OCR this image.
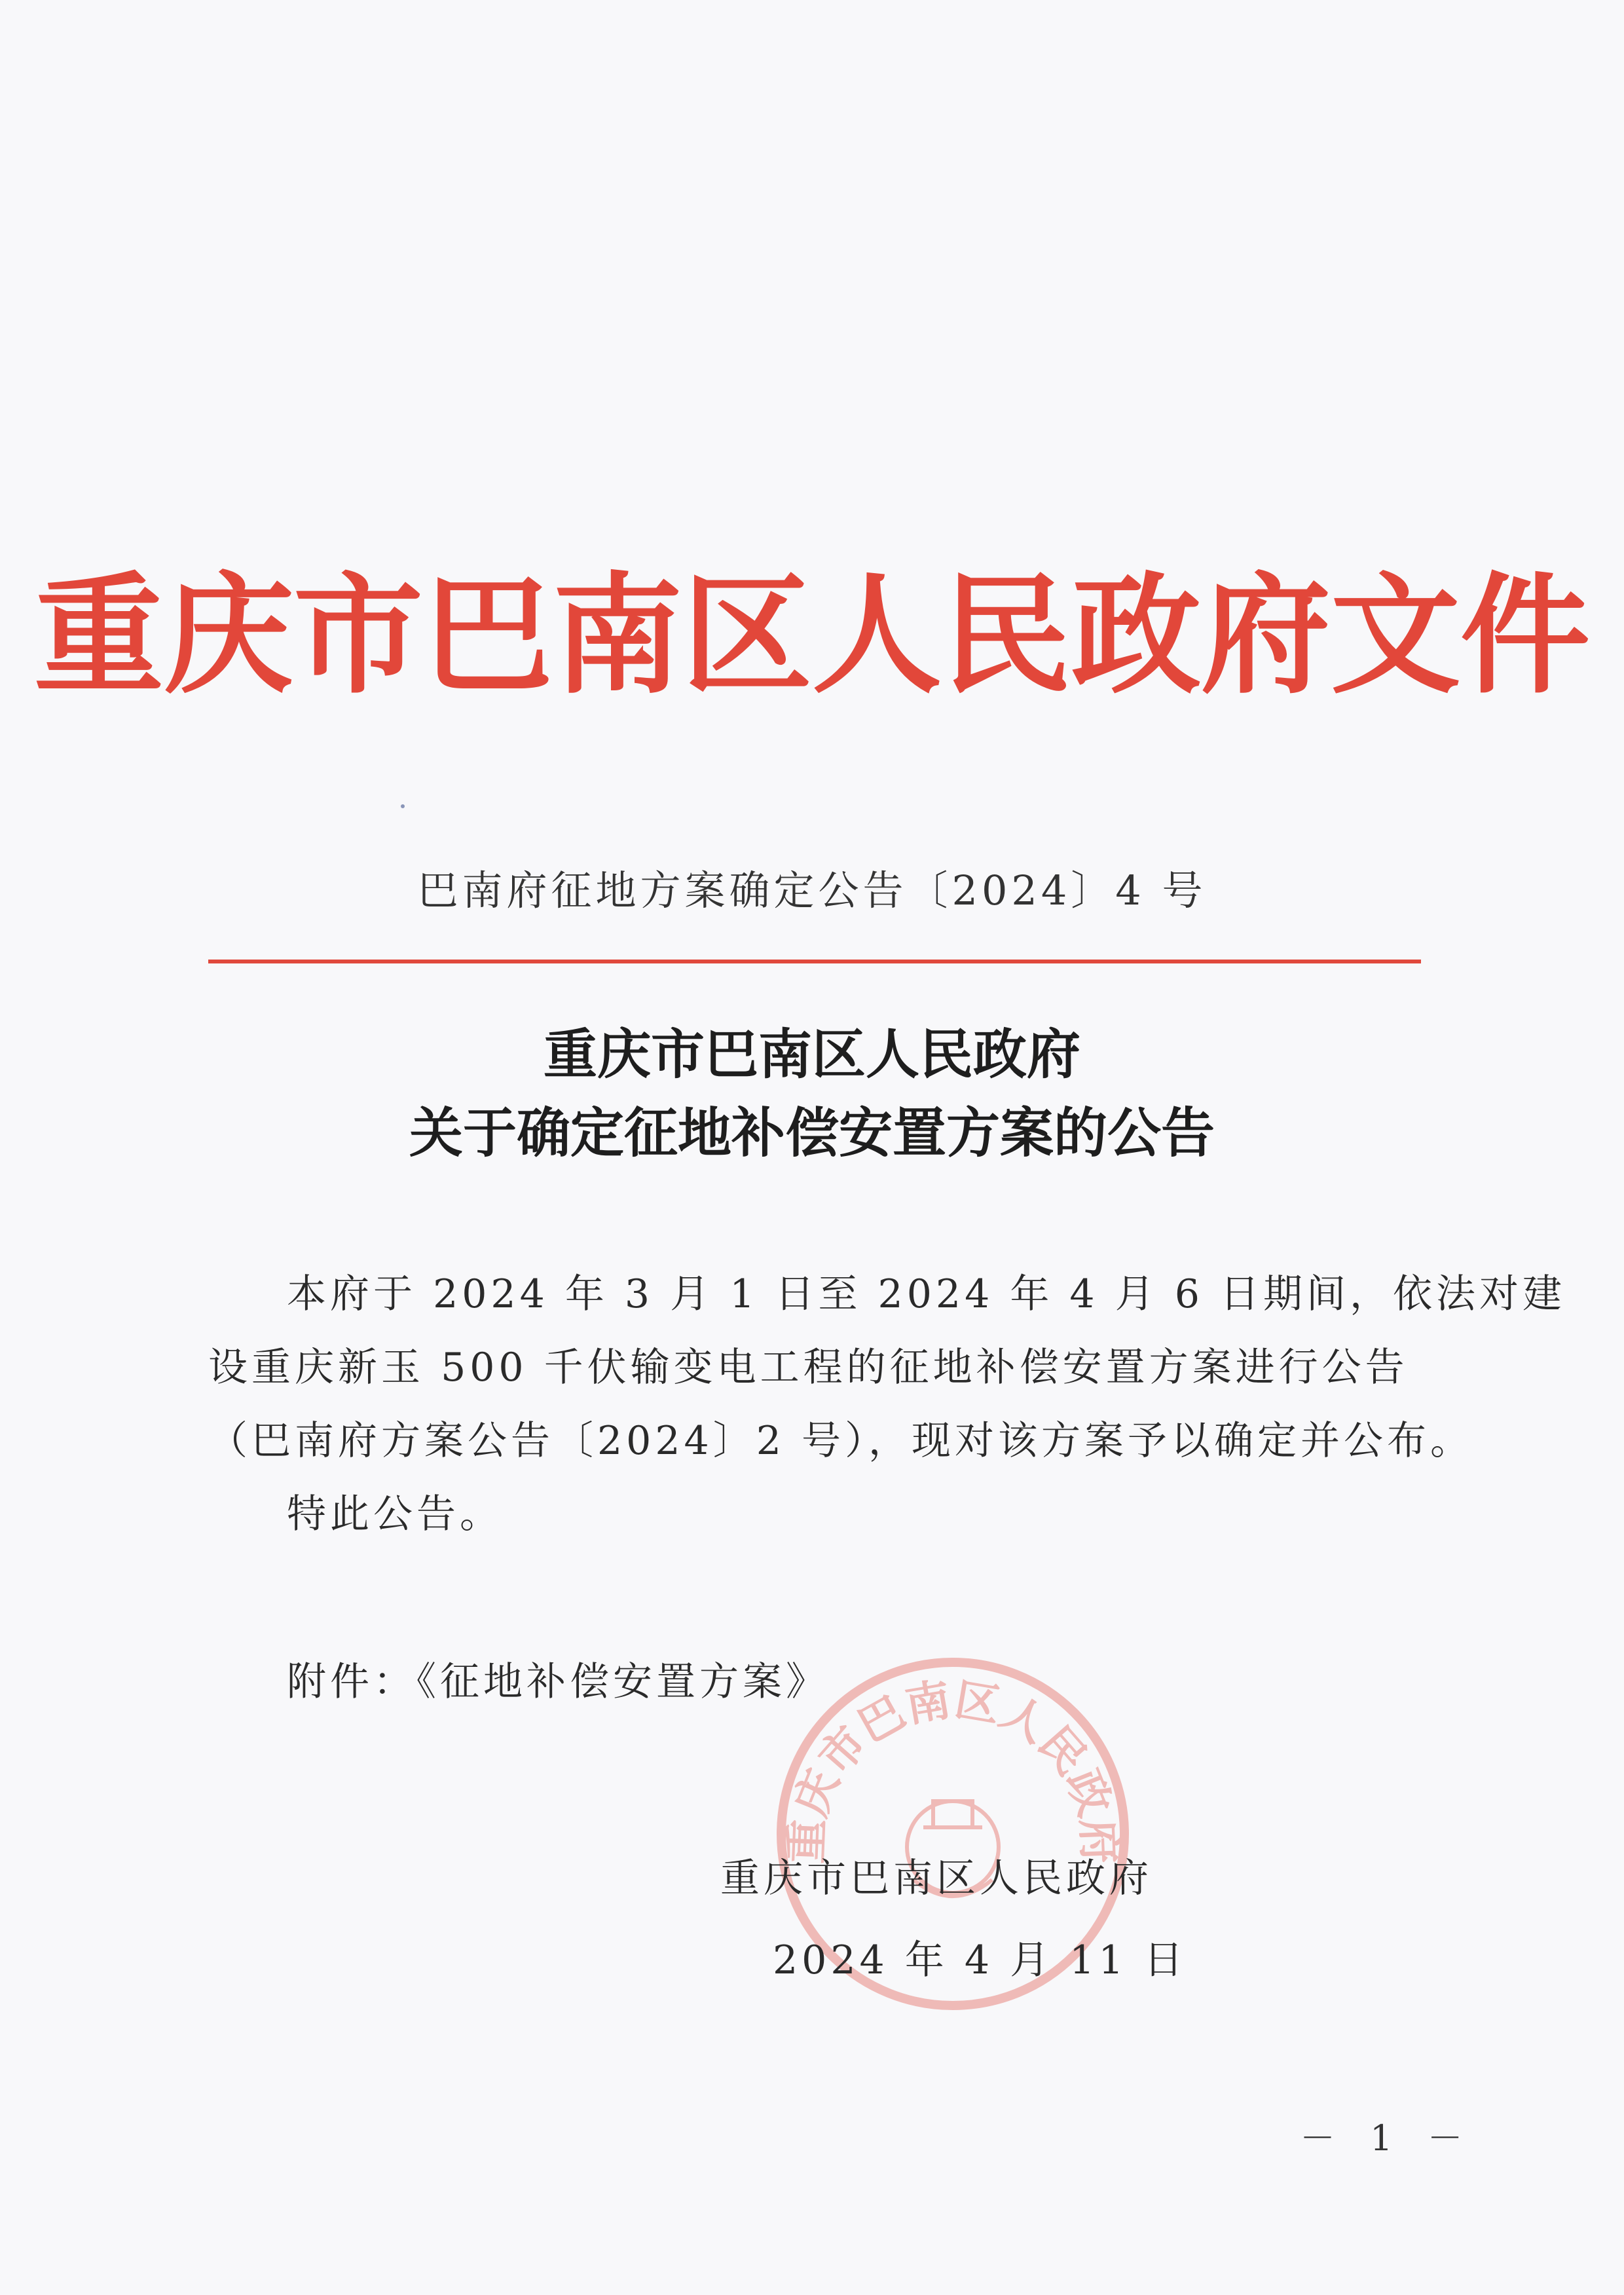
重庆市巴南区人民政府文件
巴南府征地方案确定公告〔2024〕4 号
重庆市巴南区人民政府
关于确定征地补偿安置方案的公告
本府于 2024 年 3 月 1 日至 2024 年 4 月 6 日期间，依法对建
设重庆新玉 500 千伏输变电工程的征地补偿安置方案进行公告
（巴南府方案公告〔2024〕2 号），现对该方案予以确定并公布。
特此公告。
附件：《征地补偿安置方案》
重庆市巴南区人民政府
重庆市巴南区人民政府
2024 年 4 月 11 日
－ 1 －
